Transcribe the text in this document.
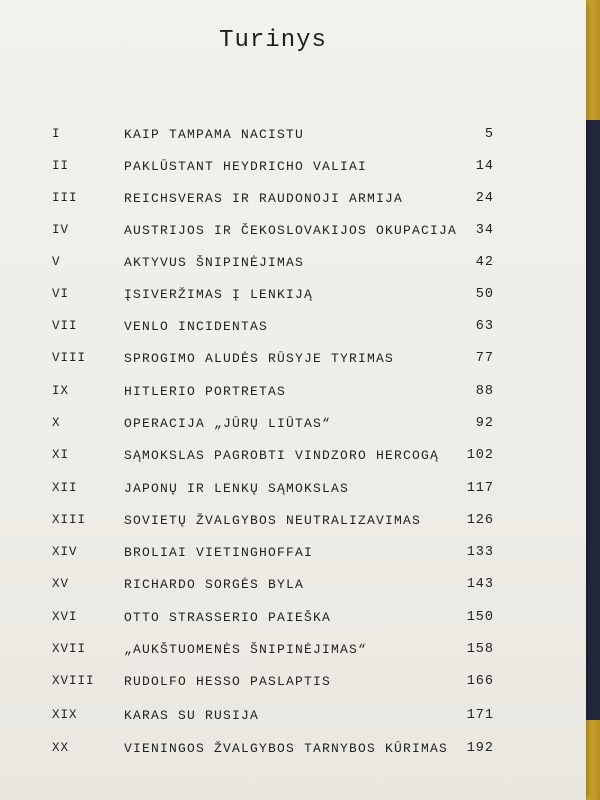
Turinys
I	KAIP TAMPAMA NACISTU	5
II	PAKLŪSTANT HEYDRICHO VALIAI	14
III	REICHSVERAS IR RAUDONOJI ARMIJA	24
IV	AUSTRIJOS IR ČEKOSLOVAKIJOS OKUPACIJA 34
V	AKTYVUS ŠNIPINĖJIMAS	42
VI	ĮSIVERŽIMAS Į LENKIJĄ	50
VII	VENLO INCIDENTAS	63
VIII	SPROGIMO ALUDĖS RŪSYJE TYRIMAS	77
IX	HITLERIO PORTRETAS	88
X	OPERACIJA „JŪRŲ LIŪTAS“	92
XI	SĄMOKSLAS PAGROBTI VINDZORO HERCOGĄ 102
XII	JAPONŲ IR LENKŲ SĄMOKSLAS	117
XIII	SOVIETŲ ŽVALGYBOS NEUTRALIZAVIMAS	126
XIV	BROLIAI VIETINGHOFFAI	133
XV	RICHARDO SORGĖS BYLA	143
XVI	OTTO STRASSERIO PAIEŠKA	150
XVII	„AUKŠTUOMENĖS ŠNIPINĖJIMAS“	158
XVIII RUDOLFO HESSO PASLAPTIS	166
XIX	KARAS SU RUSIJA	171
XX	VIENINGOS ŽVALGYBOS TARNYBOS KŪRIMAS 192
